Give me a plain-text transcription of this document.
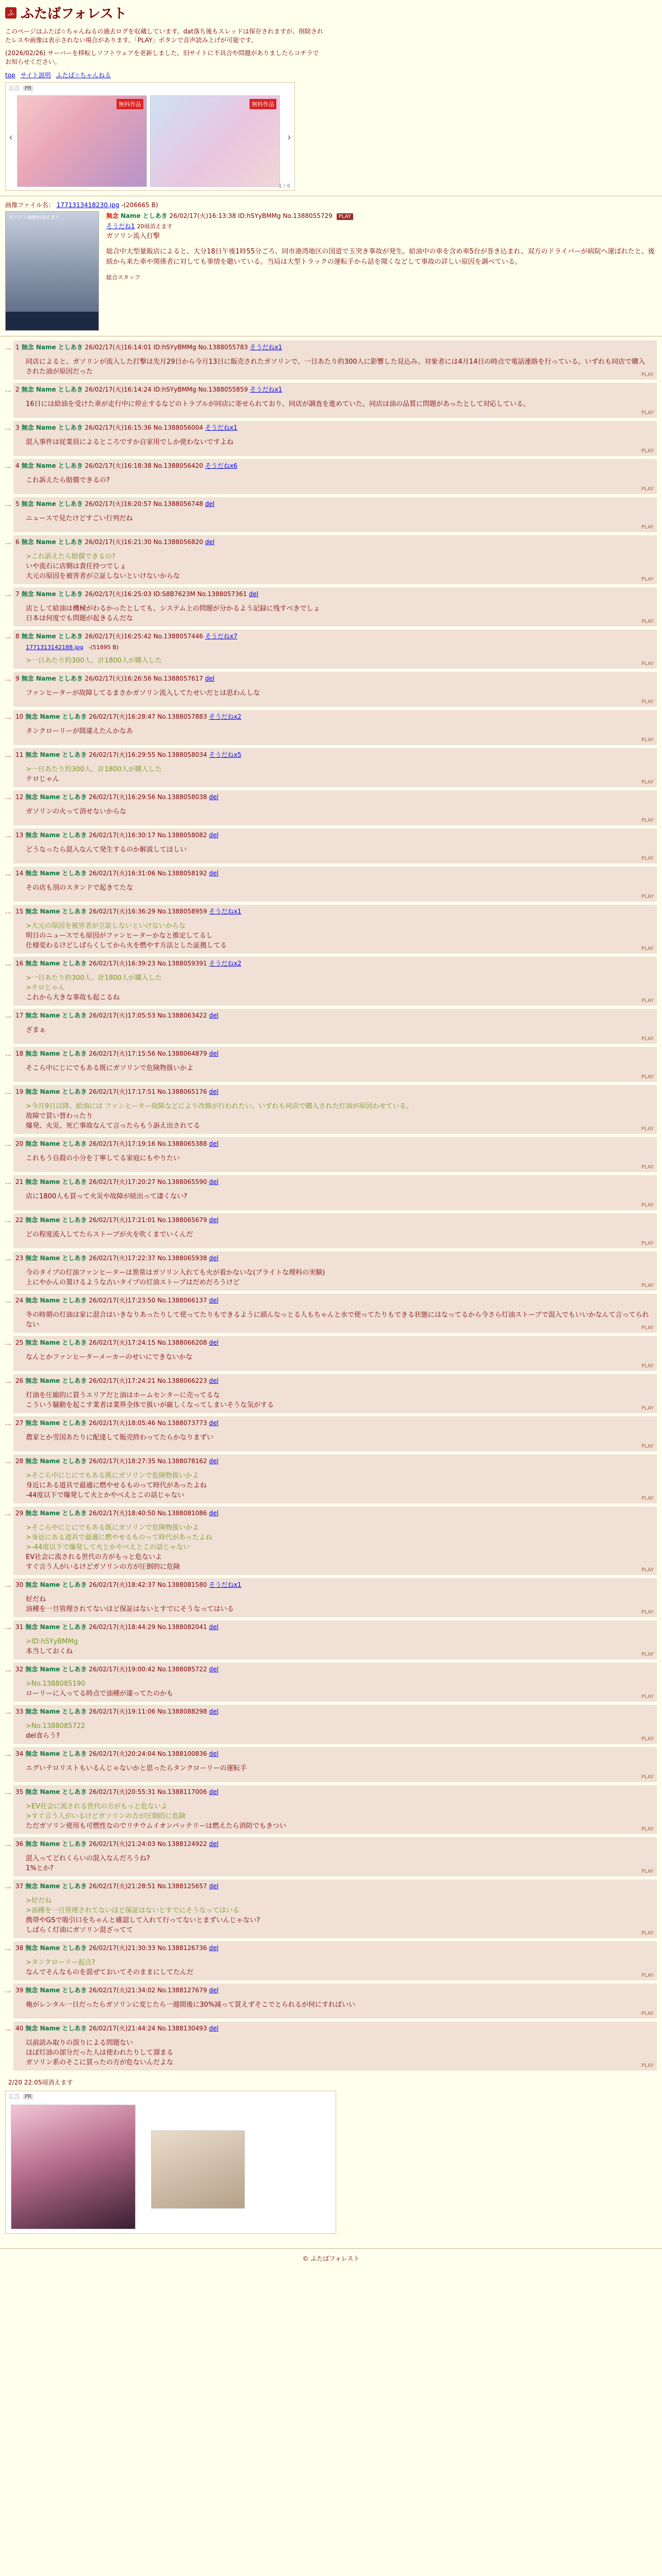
ふ ふたばフォレスト

このページはふたば☆ちゃんねるの過去ログを収蔵しています。dat落ち後もスレッドは保存されますが、削除されたレスや画像は表示されない場合があります。「PLAY」ボタンで音声読み上げが可能です。

(2026/02/26) サーバーを移転しソフトウェアを更新しました。旧サイトに不具合や問題がありましたらコチラでお知らせください。

top サイト説明 ふたば☆ちゃんねる
広告 PR
‹
無料作品	無料作品
›
1 / 6
画像ファイル名： 1771313418230.jpg -(206665 B)
ガソリン価格が高止まり…	無念 Name としあき 26/02/17(火)16:13:38 ID:hSYyBMMg No.1388055729 PLAY
そうだね1 20頃消えます

ガソリン流入打撃

総合中大型量販店によると、大分18日午後1時55分ごろ、同市港湾地区の国道で玉突き事故が発生。給油中の車を含め車5台が巻き込まれ、双方のドライバーが病院へ運ばれたと、後続から来た車や関係者に対しても事情を聴いている。当局は大型トラックの運転手から話を聞くなどして事故の詳しい原因を調べている。

総合スタッフ

… 1 無念 Name としあき 26/02/17(火)16:14:01 ID:hSYyBMMg No.1388055783 そうだねx1
同店によると、ガソリンが流入した打撃は先月29日から今月13日に販売されたガソリンで、一日あたり約300人に影響した見込み。対象者には4月14日の時点で電話連絡を行っている。いずれも同店で購入された油が原因だった	PLAY
… 2 無念 Name としあき 26/02/17(火)16:14:24 ID:hSYyBMMg No.1388055859 そうだねx1
16日には給油を受けた車が走行中に停止するなどのトラブルが同店に寄せられており、同店が調査を進めていた。同店は油の品質に問題があったとして対応している。
PLAY
… 3 無念 Name としあき 26/02/17(火)16:15:36 No.1388056004 そうだねx1
混入事件は従業員によるところですか自家用でしか使わないですよね
PLAY
… 4 無念 Name としあき 26/02/17(火)16:18:38 No.1388056420 そうだねx6
これ訴えたら賠償できるの?
PLAY
… 5 無念 Name としあき 26/02/17(火)16:20:57 No.1388056748 del
ニュースで見たけどすごい行列だね
PLAY
… 6 無念 Name としあき 26/02/17(火)16:21:30 No.1388056820 del
>これ訴えたら賠償できるの?
いや流石に店側は責任持つでしょ
大元の原因を被害者が立証しないといけないからな	PLAY
… 7 無念 Name としあき 26/02/17(火)16:25:03 ID:S8B7623M No.1388057361 del
店として給油は機械がわるかったとしても、システム上の問題が分かるよう記録に残すべきでしょ
日本は何度でも問題が起きるんだな	PLAY
… 8 無念 Name としあき 26/02/17(火)16:25:42 No.1388057446 そうだねx7
1771313142188.jpg -(51895 B)
>一日あたり約300人、計1800人が購入した	PLAY
… 9 無念 Name としあき 26/02/17(火)16:26:56 No.1388057617 del
ファンヒーターが故障してるまさかガソリン流入してたせいだとは思わんしな
PLAY
… 10 無念 Name としあき 26/02/17(火)16:28:47 No.1388057883 そうだねx2
タンクローリーが間違えたんかなあ
PLAY
… 11 無念 Name としあき 26/02/17(火)16:29:55 No.1388058034 そうだねx5
>一日あたり約300人、計1800人が購入した
テロじゃん	PLAY
… 12 無念 Name としあき 26/02/17(火)16:29:56 No.1388058038 del
ガソリンの火って消せないからな
PLAY
… 13 無念 Name としあき 26/02/17(火)16:30:17 No.1388058082 del
どうなったら混入なんて発生するのか解説してほしい
PLAY
… 14 無念 Name としあき 26/02/17(火)16:31:06 No.1388058192 del
その店も別のスタンドで起きてたな
PLAY
… 15 無念 Name としあき 26/02/17(火)16:36:29 No.1388058959 そうだねx1
>大元の原因を被害者が立証しないといけないからな
明日のニュースでも原因がファンヒーターかなと推定してるし
仕様変わるけどしばらくしてから火を燃やす方法とした証拠してる	PLAY
… 16 無念 Name としあき 26/02/17(火)16:39:23 No.1388059391 そうだねx2
>一日あたり約300人、計1800人が購入した
>テロじゃん
これから大きな事故も起こるね	PLAY
… 17 無念 Name としあき 26/02/17(火)17:05:53 No.1388063422 del
ざまぁ
PLAY
… 18 無念 Name としあき 26/02/17(火)17:15:56 No.1388064879 del
そこら中にじにでもある既にガソリンで危険物扱いかよ
PLAY
… 19 無念 Name としあき 26/02/17(火)17:17:51 No.1388065176 del
>今月9日以降、給油には ファンヒーター故障などにより改修が行われたい。いずれも同店で購入された灯油が原因わせている。
故障で買い替わったり
爆発、火災、死亡事故なんて言ったらもう訴え出されてる	PLAY
… 20 無念 Name としあき 26/02/17(火)17:19:16 No.1388065388 del
これもう自殺の小分を丁寧してる家庭にもやりたい
PLAY
… 21 無念 Name としあき 26/02/17(火)17:20:27 No.1388065590 del
店に1800人も買って火災や故障が続出って凄くない?
PLAY
… 22 無念 Name としあき 26/02/17(火)17:21:01 No.1388065679 del
どの程度流入してたらストーブが火を吹くまでいくんだ
PLAY
… 23 無念 Name としあき 26/02/17(火)17:22:37 No.1388065938 del
今のタイプの灯油ファンヒーターは異常はガソリン入れても火が着かないな(ブライトな理科の実験)
上にやかんの置けるような古いタイプの灯油ストーブはだめだろうけど	PLAY
… 24 無念 Name としあき 26/02/17(火)17:23:50 No.1388066137 del
冬の時期の灯油は家に混合はいきなりあったりして使ってたりもできるように頭んなっとる人もちゃんと水で使ってたりもできる状態にはなってるから今さら灯油ストーブで混入でもいいかなんて言ってられない	PLAY
… 25 無念 Name としあき 26/02/17(火)17:24:15 No.1388066208 del
なんとかファンヒーターメーカーのせいにできないかな
PLAY
… 26 無念 Name としあき 26/02/17(火)17:24:21 No.1388066223 del
灯油を圧縮的に買うエリアだと油はホームセンターに売ってるな
こういう騒動を起こす業者は業界全体で扱いが厳しくなってしまいそうな気がする	PLAY
… 27 無念 Name としあき 26/02/17(火)18:05:46 No.1388073773 del
農家とか雪国あたりに配達して販売終わってたらかなりまずい
PLAY
… 28 無念 Name としあき 26/02/17(火)18:27:35 No.1388078162 del
>そこら中にじにでもある既にガソリンで危険物扱いかよ
身近にある道具で最適に燃やせるものって時代があったよね
-44度以下で爆発して火とかやべえとこの話じゃない	PLAY
… 29 無念 Name としあき 26/02/17(火)18:40:50 No.1388081086 del
>そこら中にじにでもある既にガソリンで危険物扱いかよ
>身近にある道具で最適に燃やせるものって時代があったよね
>-44度以下で爆発して火とかやべえとこの話じゃない
EV社会に流される世代の方がもっと危ないよ
すぐ言う人がいるけどガソリンの方が圧倒的に危険	PLAY
… 30 無念 Name としあき 26/02/17(火)18:42:37 No.1388081580 そうだねx1
好だね
油種を一旦管理されてないほど保証はないとすでにそうなってはいる	PLAY
… 31 無念 Name としあき 26/02/17(火)18:44:29 No.1388082041 del
>ID:hSYyBMMg
本当しておくね	PLAY
… 32 無念 Name としあき 26/02/17(火)19:00:42 No.1388085722 del
>No.1388085190
ローリーに入ってる時点で油種が違ってたのかも	PLAY
… 33 無念 Name としあき 26/02/17(火)19:11:06 No.1388088298 del
>No.1388085722
del食らう?	PLAY
… 34 無念 Name としあき 26/02/17(火)20:24:04 No.1388100836 del
エグいテロリストもいるんじゃないかと思ったらタンクローリーの運転手
PLAY
… 35 無念 Name としあき 26/02/17(火)20:55:31 No.1388117006 del
>EV社会に流される世代の方がもっと危ないよ
>すぐ言う人がいるけどガソリンの方が圧倒的に危険
ただガソリン使用も可燃性なのでリチウムイオンバッテリーは燃えたら消防でもきつい	PLAY
… 36 無念 Name としあき 26/02/17(火)21:24:03 No.1388124922 del
混入ってどれくらいの混入なんだろうね?
1%とか?	PLAY
… 37 無念 Name としあき 26/02/17(火)21:28:51 No.1388125657 del
>好だね
>油種を一旦管理されてないほど保証はないとすでにそうなってはいる
携帯やGSで吸引口をちゃんと確認して入れて行ってないとまずいんじゃない?
しばらく灯油にガソリン混ざってて	PLAY
… 38 無念 Name としあき 26/02/17(火)21:30:33 No.1388126736 del
>タンクローリー起点?
なんでそんなものを混ぜておいてそのままにしてたんだ	PLAY
… 39 無念 Name としあき 26/02/17(火)21:34:02 No.1388127679 del
俺がレンタル一日だったらガソリンに変じたら一週間後に30%減って買えずそこでとられるが何にすればいい
PLAY
… 40 無念 Name としあき 26/02/17(火)21:44:24 No.1388130493 del
以前読み取りの誤りによる問題ない
ほぼ灯油の部分だった人は使われたりして溜まる
ガソリン系のそこに買ったの方が危ないんだよな	PLAY
2/20 22:05頃消えます
広告 PR
© ふたばフォレスト
